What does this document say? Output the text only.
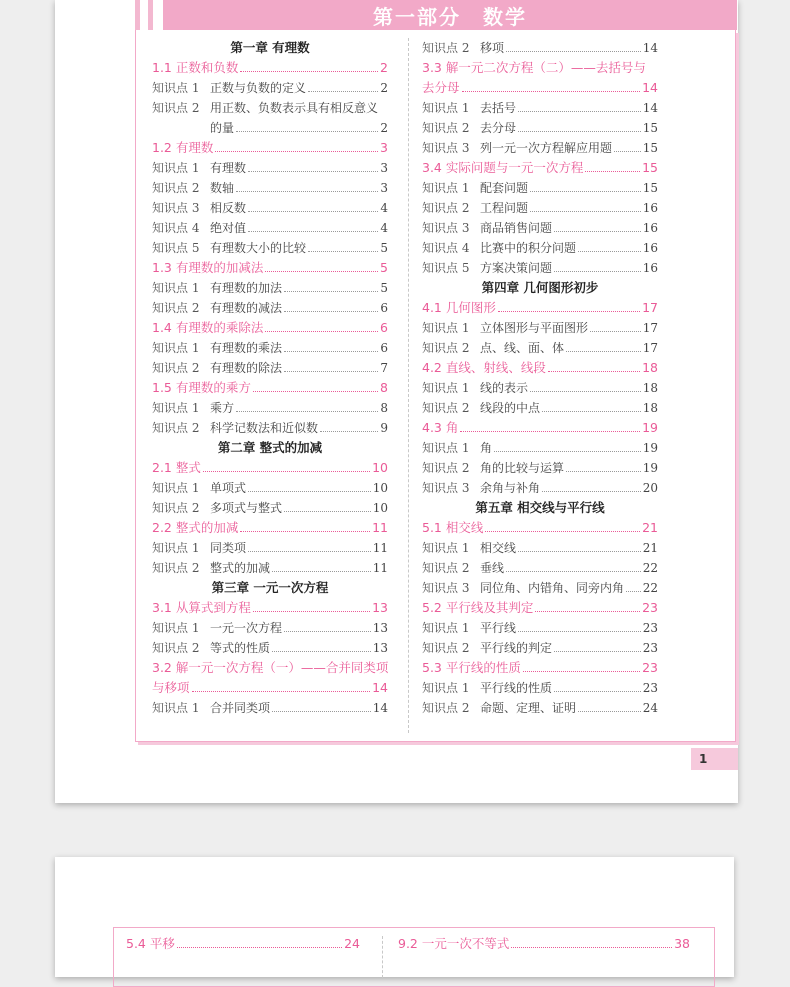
第一部分　数学
第一章 有理数
1.1 正数和负数	2
知识点 1 正数与负数的定义	2
知识点 2 用正数、负数表示具有相反意义
的量	2
1.2 有理数	3
知识点 1 有理数	3
知识点 2 数轴	3
知识点 3 相反数	4
知识点 4 绝对值	4
知识点 5 有理数大小的比较	5
1.3 有理数的加减法	5
知识点 1 有理数的加法	5
知识点 2 有理数的减法	6
1.4 有理数的乘除法	6
知识点 1 有理数的乘法	6
知识点 2 有理数的除法	7
1.5 有理数的乘方	8
知识点 1 乘方	8
知识点 2 科学记数法和近似数	9
第二章 整式的加减
2.1 整式	10
知识点 1 单项式	10
知识点 2 多项式与整式	10
2.2 整式的加减	11
知识点 1 同类项	11
知识点 2 整式的加减	11
第三章 一元一次方程
3.1 从算式到方程	13
知识点 1 一元一次方程	13
知识点 2 等式的性质	13
3.2 解一元一次方程（一）——合并同类项
与移项	14
知识点 1 合并同类项	14
知识点 2 移项	14
3.3 解一元二次方程（二）——去括号与
去分母	14
知识点 1 去括号	14
知识点 2 去分母	15
知识点 3 列一元一次方程解应用题	15
3.4 实际问题与一元一次方程	15
知识点 1 配套问题	15
知识点 2 工程问题	16
知识点 3 商品销售问题	16
知识点 4 比赛中的积分问题	16
知识点 5 方案决策问题	16
第四章 几何图形初步
4.1 几何图形	17
知识点 1 立体图形与平面图形	17
知识点 2 点、线、面、体	17
4.2 直线、射线、线段	18
知识点 1 线的表示	18
知识点 2 线段的中点	18
4.3 角	19
知识点 1 角	19
知识点 2 角的比较与运算	19
知识点 3 余角与补角	20
第五章 相交线与平行线
5.1 相交线	21
知识点 1 相交线	21
知识点 2 垂线	22
知识点 3 同位角、内错角、同旁内角 22
5.2 平行线及其判定	23
知识点 1 平行线	23
知识点 2 平行线的判定	23
5.3 平行线的性质	23
知识点 1 平行线的性质	23
知识点 2 命题、定理、证明	24
1
5.4 平移	24	9.2 一元一次不等式	38
